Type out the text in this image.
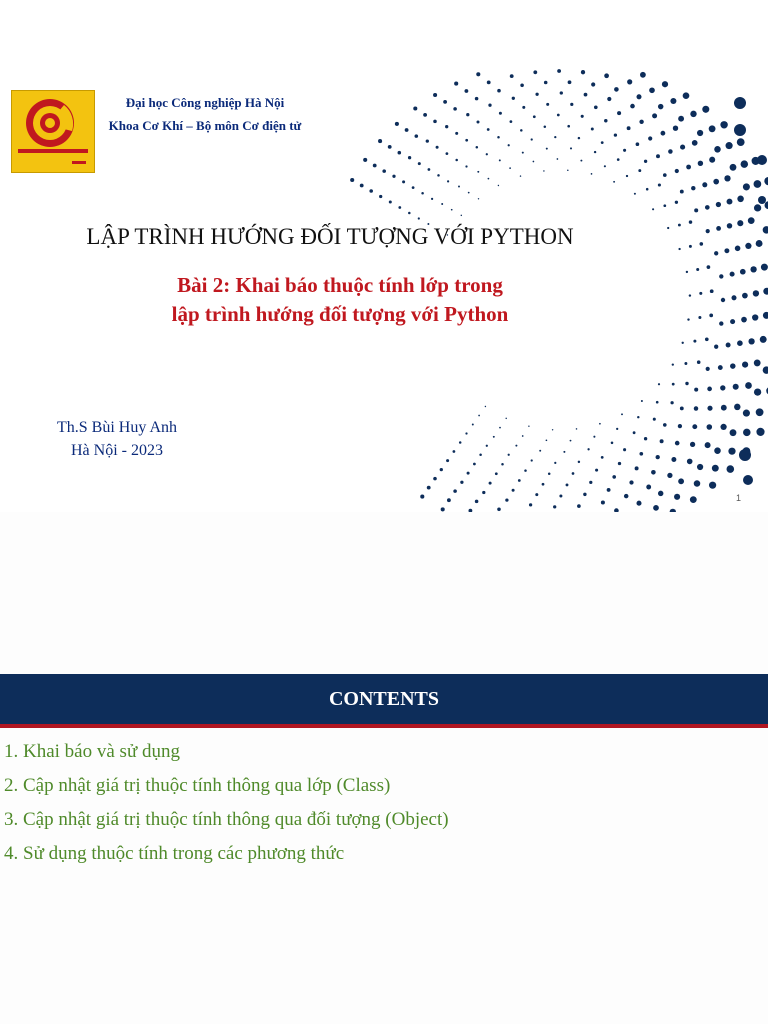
Đại học Công nghiệp Hà Nội
Khoa Cơ Khí – Bộ môn Cơ điện tử
LẬP TRÌNH HƯỚNG ĐỐI TƯỢNG VỚI PYTHON
Bài 2: Khai báo thuộc tính lớp trong
lập trình hướng đối tượng với Python
Th.S Bùi Huy Anh
Hà Nội - 2023
1
CONTENTS
1. Khai báo và sử dụng
2. Cập nhật giá trị thuộc tính thông qua lớp (Class)
3. Cập nhật giá trị thuộc tính thông qua đối tượng (Object)
4. Sử dụng thuộc tính trong các phương thức
